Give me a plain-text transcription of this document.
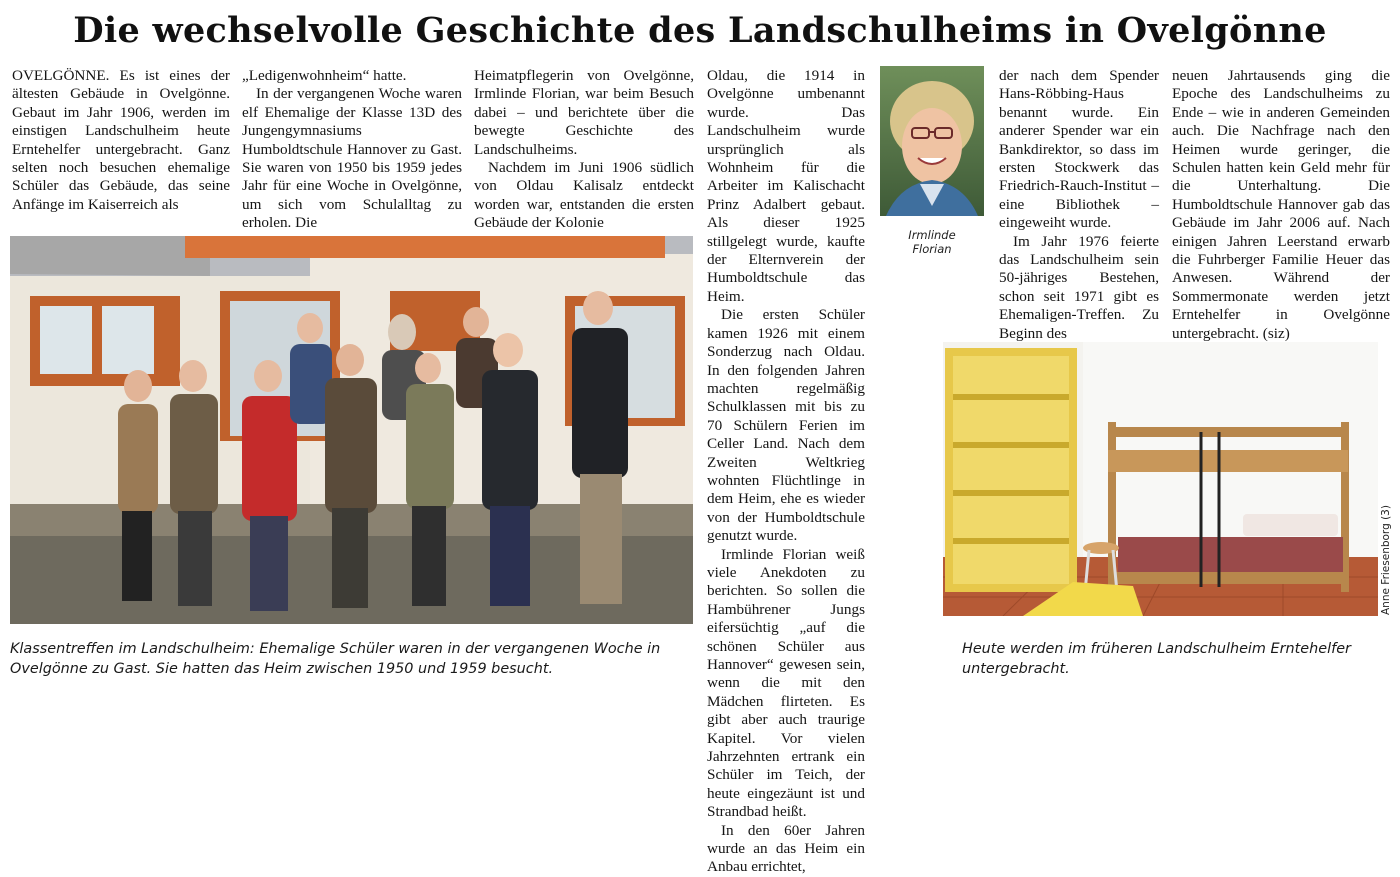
Die wechselvolle Geschichte des Landschulheims in Ovelgönne

OVELGÖNNE. Es ist eines der ältesten Gebäude in Ovelgönne. Gebaut im Jahr 1906, werden im einstigen Landschulheim heute Erntehelfer untergebracht. Ganz selten noch besuchen ehemalige Schüler das Gebäude, das seine Anfänge im Kaiserreich als

„Ledigenwohnheim“ hatte.

In der vergangenen Woche waren elf Ehemalige der Klasse 13D des Jungengymnasiums Humboldtschule Hannover zu Gast. Sie waren von 1950 bis 1959 jedes Jahr für eine Woche in Ovelgönne, um sich vom Schulalltag zu erholen. Die

Heimatpflegerin von Ovelgönne, Irmlinde Florian, war beim Besuch dabei – und berichtete über die bewegte Geschichte des Landschulheims.

Nachdem im Juni 1906 südlich von Oldau Kalisalz entdeckt worden war, entstanden die ersten Gebäude der Kolonie

Oldau, die 1914 in Ovelgönne umbenannt wurde. Das Landschulheim wurde ursprünglich als Wohnheim für die Arbeiter im Kalischacht Prinz Adalbert gebaut. Als dieser 1925 stillgelegt wurde, kaufte der Elternverein der Humboldtschule das Heim.

Die ersten Schüler kamen 1926 mit einem Sonderzug nach Oldau. In den folgenden Jahren machten regelmäßig Schulklassen mit bis zu 70 Schülern Ferien im Celler Land. Nach dem Zweiten Weltkrieg wohnten Flüchtlinge in dem Heim, ehe es wieder von der Humboldtschule genutzt wurde.

Irmlinde Florian weiß viele Anekdoten zu berichten. So sollen die Hambührener Jungs eifersüchtig „auf die schönen Schüler aus Hannover“ gewesen sein, wenn die mit den Mädchen flirteten. Es gibt aber auch traurige Kapitel. Vor vielen Jahrzehnten ertrank ein Schüler im Teich, der heute eingezäunt ist und Strandbad heißt.

In den 60er Jahren wurde an das Heim ein Anbau errichtet,

der nach dem Spender Hans-Röbbing-Haus benannt wurde. Ein anderer Spender war ein Bankdirektor, so dass im ersten Stockwerk das Friedrich-Rauch-Institut – eine Bibliothek – eingeweiht wurde.

Im Jahr 1976 feierte das Landschulheim sein 50-jähriges Bestehen, schon seit 1971 gibt es Ehemaligen-Treffen. Zu Beginn des

neuen Jahrtausends ging die Epoche des Landschulheims zu Ende – wie in anderen Gemeinden auch. Die Nachfrage nach den Heimen wurde geringer, die Schulen hatten kein Geld mehr für die Unterhaltung. Die Humboldtschule Hannover gab das Gebäude im Jahr 2006 auf. Nach einigen Jahren Leerstand erwarb die Fuhrberger Familie Heuer das Anwesen. Während der Sommermonate werden jetzt Erntehelfer in Ovelgönne untergebracht. (siz)

Irmlinde Florian
Klassentreffen im Landschulheim: Ehemalige Schüler waren in der vergangenen Woche in Ovelgönne zu Gast. Sie hatten das Heim zwischen 1950 und 1959 besucht.
Heute werden im früheren Landschulheim Erntehelfer untergebracht.
Anne Friesenborg (3)
